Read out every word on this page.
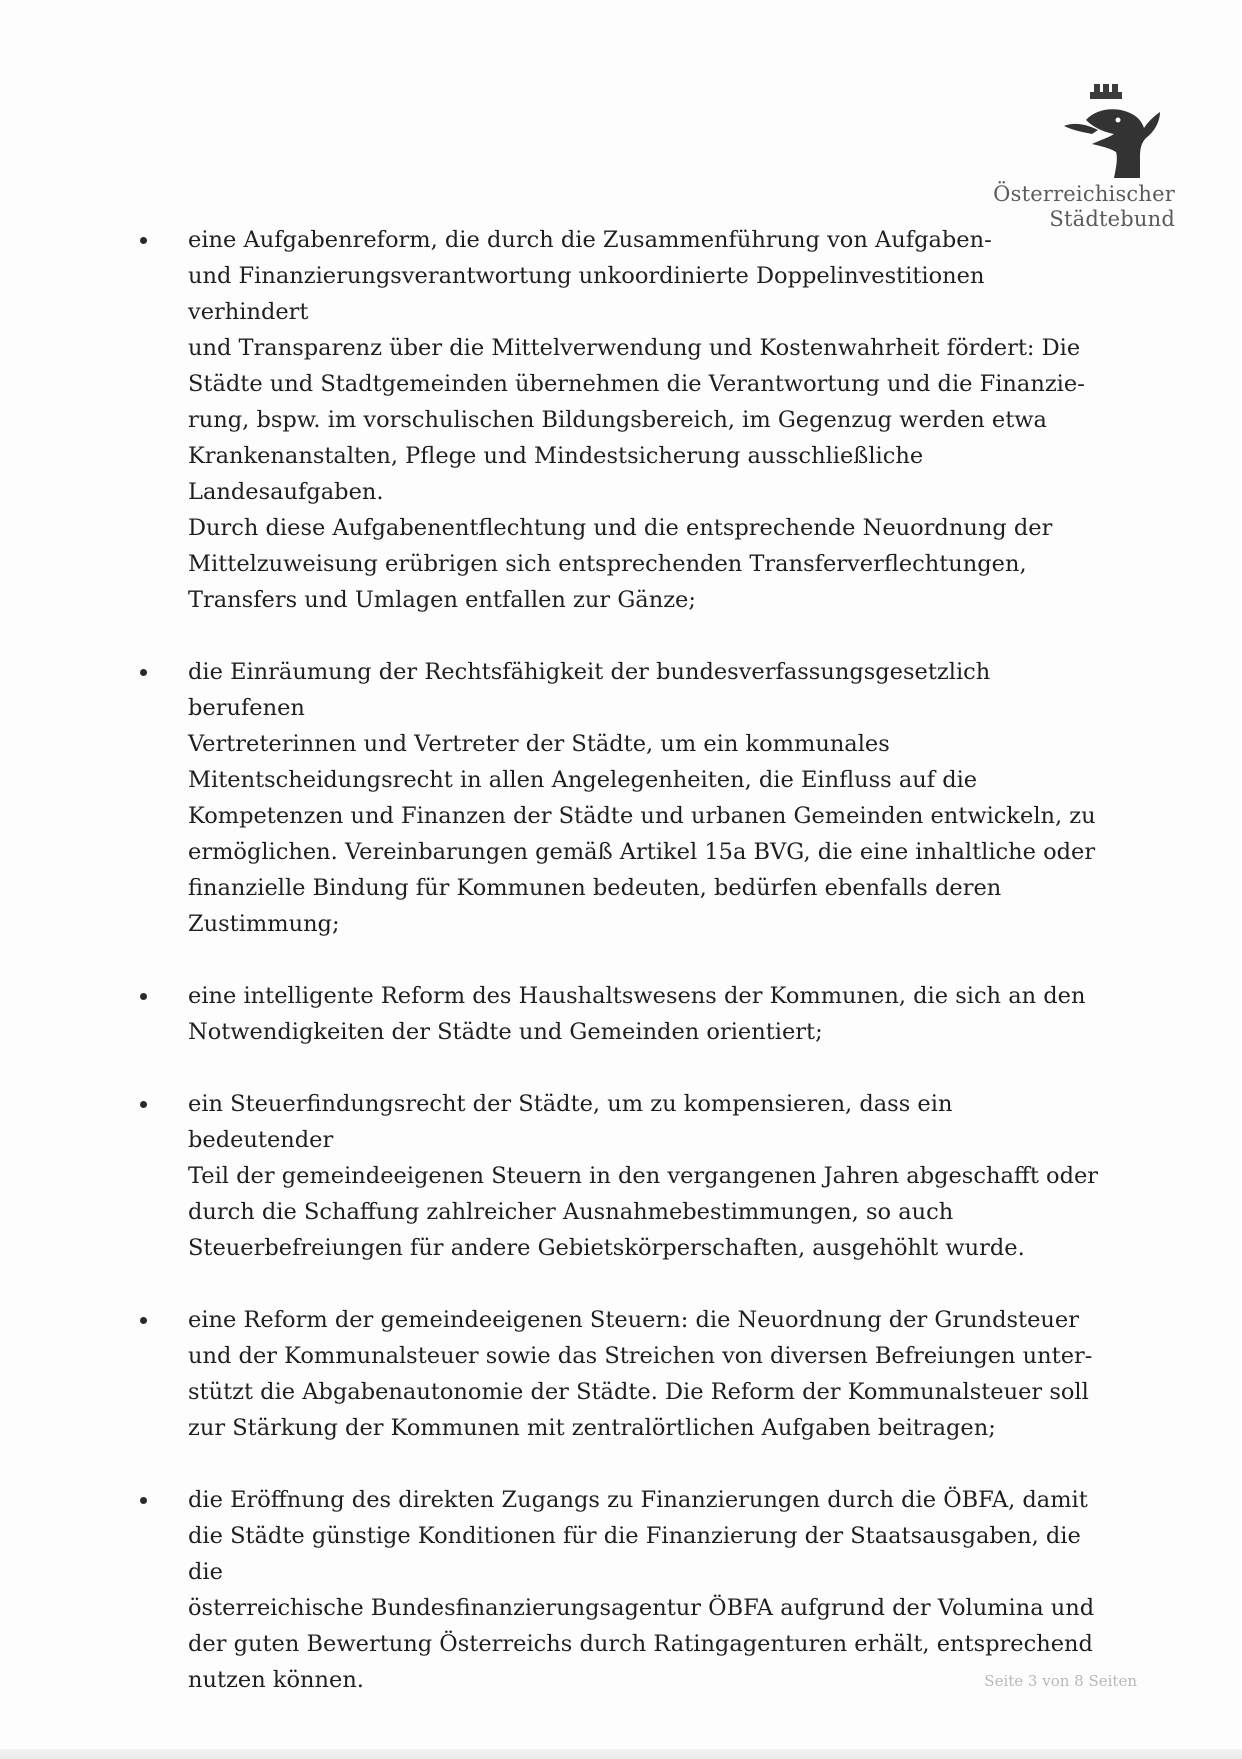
Österreichischer
Städtebund
eine Aufgabenreform, die durch die Zusammenführung von Aufgaben-
und Finanzierungsverantwortung unkoordinierte Doppelinvestitionen verhindert
und Transparenz über die Mittelverwendung und Kostenwahrheit fördert: Die
Städte und Stadtgemeinden übernehmen die Verantwortung und die Finanzie-
rung, bspw. im vorschulischen Bildungsbereich, im Gegenzug werden etwa
Krankenanstalten, Pflege und Mindestsicherung ausschließliche Landesaufgaben.
Durch diese Aufgabenentflechtung und die entsprechende Neuordnung der
Mittelzuweisung erübrigen sich entsprechenden Transferverflechtungen,
Transfers und Umlagen entfallen zur Gänze;
die Einräumung der Rechtsfähigkeit der bundesverfassungsgesetzlich berufenen
Vertreterinnen und Vertreter der Städte, um ein kommunales
Mitentscheidungsrecht in allen Angelegenheiten, die Einfluss auf die
Kompetenzen und Finanzen der Städte und urbanen Gemeinden entwickeln, zu
ermöglichen. Vereinbarungen gemäß Artikel 15a BVG, die eine inhaltliche oder
finanzielle Bindung für Kommunen bedeuten, bedürfen ebenfalls deren
Zustimmung;
eine intelligente Reform des Haushaltswesens der Kommunen, die sich an den
Notwendigkeiten der Städte und Gemeinden orientiert;
ein Steuerfindungsrecht der Städte, um zu kompensieren, dass ein bedeutender
Teil der gemeindeeigenen Steuern in den vergangenen Jahren abgeschafft oder
durch die Schaffung zahlreicher Ausnahmebestimmungen, so auch
Steuerbefreiungen für andere Gebietskörperschaften, ausgehöhlt wurde.
eine Reform der gemeindeeigenen Steuern: die Neuordnung der Grundsteuer
und der Kommunalsteuer sowie das Streichen von diversen Befreiungen unter-
stützt die Abgabenautonomie der Städte. Die Reform der Kommunalsteuer soll
zur Stärkung der Kommunen mit zentralörtlichen Aufgaben beitragen;
die Eröffnung des direkten Zugangs zu Finanzierungen durch die ÖBFA, damit
die Städte günstige Konditionen für die Finanzierung der Staatsausgaben, die die
österreichische Bundesfinanzierungsagentur ÖBFA aufgrund der Volumina und
der guten Bewertung Österreichs durch Ratingagenturen erhält, entsprechend
nutzen können.	Seite 3 von 8 Seiten
